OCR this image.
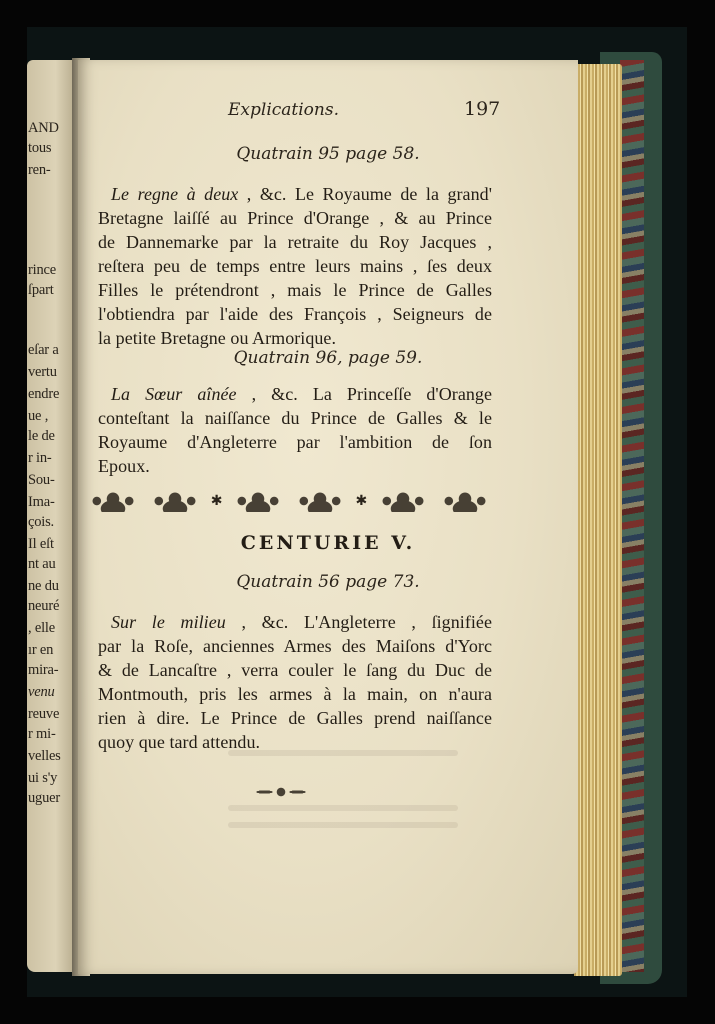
AND
tous
ren-
rince
ſpart
eſar a
vertu
endre
ue ,
le de
r in-
Sou-
Ima-
çois.
Il eſt
nt au
ne du
neuré
, elle
ır en
mira-
venu
reuve
r mi-
velles
ui s'y
uguer
Explications.	197
Quatrain 95 page 58.
Le regne à deux , &c. Le Royaume de la grand'
Bretagne laiſſé au Prince d'Orange , & au Prince
de Dannemarke par la retraite du Roy Jacques ,
reſtera peu de temps entre leurs mains , ſes deux
Filles le prétendront , mais le Prince de Galles
l'obtiendra par l'aide des François , Seigneurs de
la petite Bretagne ou Armorique.
Quatrain 96, page 59.
La Sœur aînée , &c. La Princeſſe d'Orange
conteſtant la naiſſance du Prince de Galles & le
Royaume d'Angleterre par l'ambition de ſon
Epoux.
✱	✱
CENTURIE V.
Quatrain 56 page 73.
Sur le milieu , &c. L'Angleterre , ſignifiée
par la Roſe, anciennes Armes des Maiſons d'Yorc
& de Lancaſtre , verra couler le ſang du Duc de
Montmouth, pris les armes à la main, on n'aura
rien à dire. Le Prince de Galles prend naiſſance
quoy que tard attendu.
